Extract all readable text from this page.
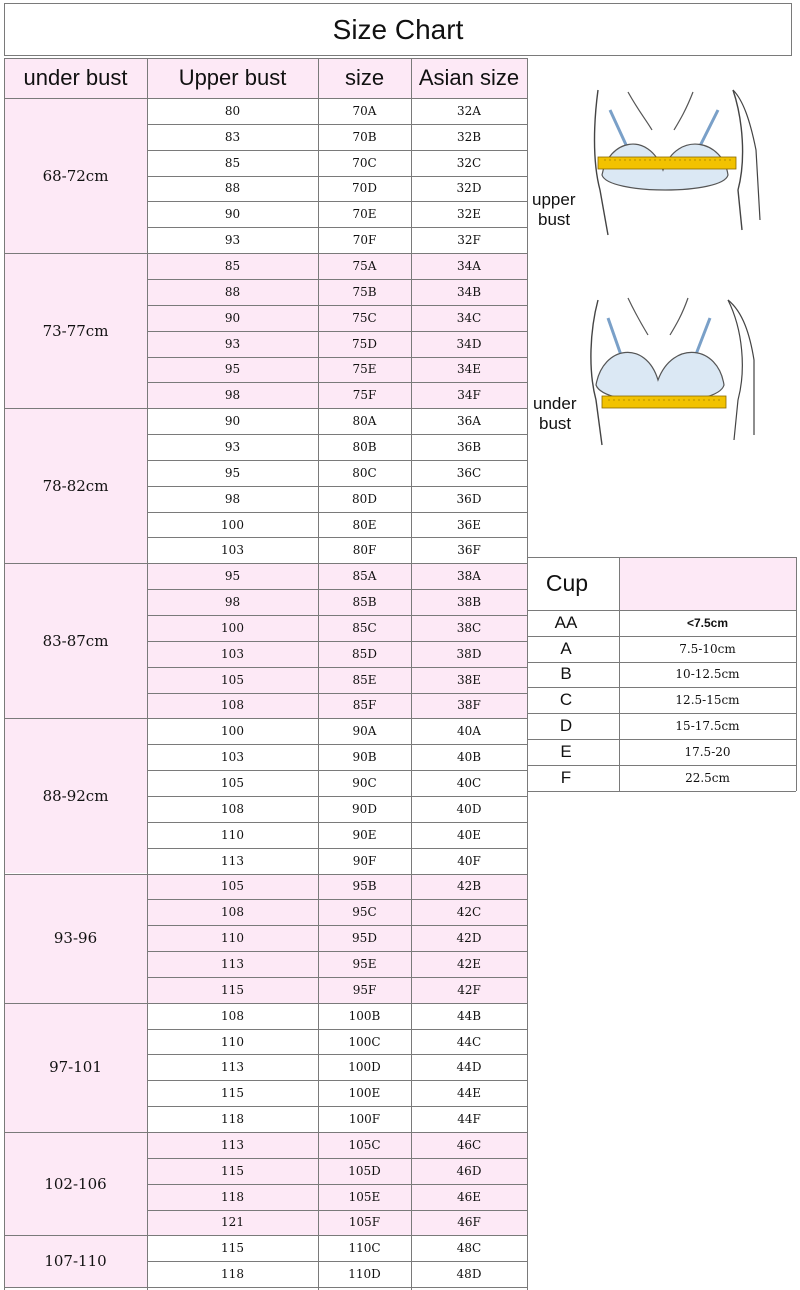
Size Chart
under bust	Upper bust	size	Asian size
68-72cm
80	70A	32A
83	70B	32B
85	70C	32C
88	70D	32D
90	70E	32E
93	70F	32F
73-77cm
85	75A	34A
88	75B	34B
90	75C	34C
93	75D	34D
95	75E	34E
98	75F	34F
78-82cm
90	80A	36A
93	80B	36B
95	80C	36C
98	80D	36D
100	80E	36E
103	80F	36F
83-87cm
95	85A	38A
98	85B	38B
100	85C	38C
103	85D	38D
105	85E	38E
108	85F	38F
88-92cm
100	90A	40A
103	90B	40B
105	90C	40C
108	90D	40D
110	90E	40E
113	90F	40F
93-96
105	95B	42B
108	95C	42C
110	95D	42D
113	95E	42E
115	95F	42F
97-101
108	100B	44B
110	100C	44C
113	100D	44D
115	100E	44E
118	100F	44F
102-106
113	105C	46C
115	105D	46D
118	105E	46E
121	105F	46F
107-110
115	110C	48C
118	110D	48D
upper
bust
under
bust
Cup
AA	<7.5cm
A	7.5-10cm
B	10-12.5cm
C	12.5-15cm
D	15-17.5cm
E	17.5-20
F	22.5cm
